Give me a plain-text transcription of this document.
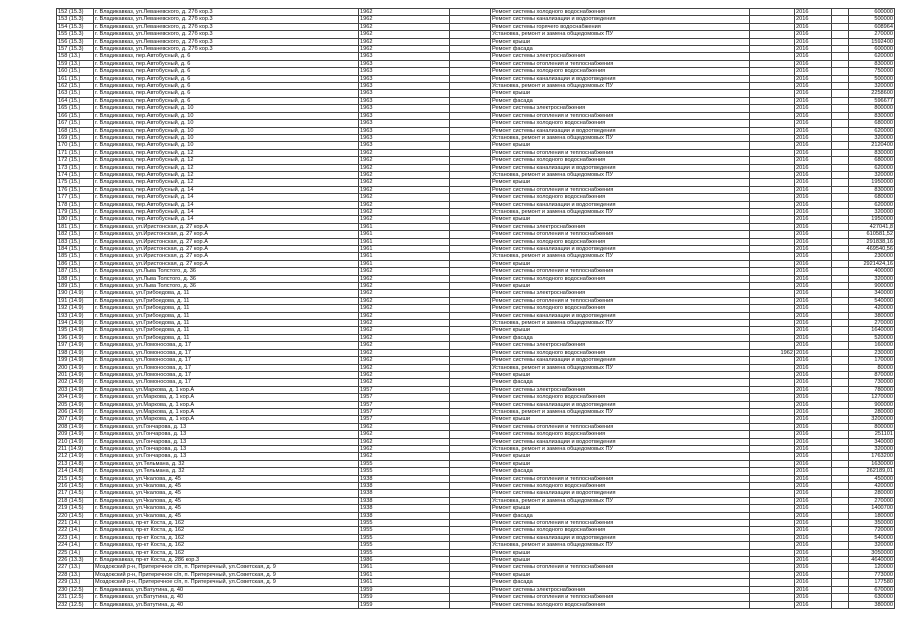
152 (15.3)	г. Владикавказ, ул.Леваневского, д. 27б кор.3	1962		Ремонт системы холодного водоснабжения		2016		600000
153 (15.3)	г. Владикавказ, ул.Леваневского, д. 27б кор.3	1962		Ремонт системы канализации и водоотведения		2016		500000
154 (15.3)	г. Владикавказ, ул.Леваневского, д. 27б кор.3	1962		Ремонт системы горячего водоснабжения		2016		608964
155 (15.3)	г. Владикавказ, ул.Леваневского, д. 27б кор.3	1962		Установка, ремонт и замена общедомовых ПУ		2016		270000
156 (15.3)	г. Владикавказ, ул.Леваневского, д. 27б кор.3	1962		Ремонт крыши		2016		1592400
157 (15.3)	г. Владикавказ, ул.Леваневского, д. 27б кор.3	1962		Ремонт фасада		2016		600000
158 (13.)	г. Владикавказ, пер.Автобусный, д. 6	1963		Ремонт системы электроснабжения		2016		620000
159 (13.)	г. Владикавказ, пер.Автобусный, д. 6	1963		Ремонт системы отопления и теплоснабжения		2016		830000
160 (15.)	г. Владикавказ, пер.Автобусный, д. 6	1963		Ремонт системы холодного водоснабжения		2016		750000
161 (15.)	г. Владикавказ, пер.Автобусный, д. 6	1963		Ремонт системы канализации и водоотведения		2016		500000
162 (15.)	г. Владикавказ, пер.Автобусный, д. 6	1963		Установка, ремонт и замена общедомовых ПУ		2016		320000
163 (15.)	г. Владикавказ, пер.Автобусный, д. 6	1963		Ремонт крыши		2016		2258600
164 (15.)	г. Владикавказ, пер.Автобусный, д. 6	1963		Ремонт фасада		2016		596677
165 (15.)	г. Владикавказ, пер.Автобусный, д. 10	1963		Ремонт системы электроснабжения		2016		800000
166 (15.)	г. Владикавказ, пер.Автобусный, д. 10	1963		Ремонт системы отопления и теплоснабжения		2016		830000
167 (15.)	г. Владикавказ, пер.Автобусный, д. 10	1963		Ремонт системы холодного водоснабжения		2016		680000
168 (15.)	г. Владикавказ, пер.Автобусный, д. 10	1963		Ремонт системы канализации и водоотведения		2016		620000
169 (15.)	г. Владикавказ, пер.Автобусный, д. 10	1963		Установка, ремонт и замена общедомовых ПУ		2016		320000
170 (15.)	г. Владикавказ, пер.Автобусный, д. 10	1963		Ремонт крыши		2016		2120400
171 (15.)	г. Владикавказ, пер.Автобусный, д. 12	1962		Ремонт системы отопления и теплоснабжения		2016		830000
172 (15.)	г. Владикавказ, пер.Автобусный, д. 12	1962		Ремонт системы холодного водоснабжения		2016		680000
173 (15.)	г. Владикавказ, пер.Автобусный, д. 12	1962		Ремонт системы канализации и водоотведения		2016		620000
174 (15.)	г. Владикавказ, пер.Автобусный, д. 12	1962		Установка, ремонт и замена общедомовых ПУ		2016		320000
175 (15.)	г. Владикавказ, пер.Автобусный, д. 12	1962		Ремонт крыши		2016		1950000
176 (15.)	г. Владикавказ, пер.Автобусный, д. 14	1962		Ремонт системы отопления и теплоснабжения		2016		830000
177 (15.)	г. Владикавказ, пер.Автобусный, д. 14	1962		Ремонт системы холодного водоснабжения		2016		680000
178 (15.)	г. Владикавказ, пер.Автобусный, д. 14	1962		Ремонт системы канализации и водоотведения		2016		620000
179 (15.)	г. Владикавказ, пер.Автобусный, д. 14	1962		Установка, ремонт и замена общедомовых ПУ		2016		320000
180 (15.)	г. Владикавказ, пер.Автобусный, д. 14	1962		Ремонт крыши		2016		1950000
181 (15.)	г. Владикавказ, ул.Иристонская, д. 27 кор.А	1961		Ремонт системы электроснабжения		2016		427041,8
182 (15.)	г. Владикавказ, ул.Иристонская, д. 27 кор.А	1961		Ремонт системы отопления и теплоснабжения		2016		610581,52
183 (15.)	г. Владикавказ, ул.Иристонская, д. 27 кор.А	1961		Ремонт системы холодного водоснабжения		2016		291838,16
184 (15.)	г. Владикавказ, ул.Иристонская, д. 27 кор.А	1961		Ремонт системы канализации и водоотведения		2016		469540,56
185 (15.)	г. Владикавказ, ул.Иристонская, д. 27 кор.А	1961		Установка, ремонт и замена общедомовых ПУ		2016		230000
186 (15.)	г. Владикавказ, ул.Иристонская, д. 27 кор.А	1961		Ремонт крыши		2016		2921424,16
187 (15.)	г. Владикавказ, ул.Льва Толстого, д. 36	1962		Ремонт системы отопления и теплоснабжения		2016		400000
188 (15.)	г. Владикавказ, ул.Льва Толстого, д. 36	1962		Ремонт системы холодного водоснабжения		2016		320000
189 (15.)	г. Владикавказ, ул.Льва Толстого, д. 36	1962		Ремонт крыши		2016		900000
190 (14.9)	г. Владикавказ, ул.Грибоедова, д. 11	1962		Ремонт системы электроснабжения		2016		340000
191 (14.9)	г. Владикавказ, ул.Грибоедова, д. 11	1962		Ремонт системы отопления и теплоснабжения		2016		540000
192 (14.9)	г. Владикавказ, ул.Грибоедова, д. 11	1962		Ремонт системы холодного водоснабжения		2016		420000
193 (14.9)	г. Владикавказ, ул.Грибоедова, д. 11	1962		Ремонт системы канализации и водоотведения		2016		380000
194 (14.9)	г. Владикавказ, ул.Грибоедова, д. 11	1962		Установка, ремонт и замена общедомовых ПУ		2016		270000
195 (14.9)	г. Владикавказ, ул.Грибоедова, д. 11	1962		Ремонт крыши		2016		1640000
196 (14.9)	г. Владикавказ, ул.Грибоедова, д. 11	1962		Ремонт фасада		2016		520000
197 (14.9)	г. Владикавказ, ул.Ломоносова, д. 17	1962		Ремонт системы электроснабжения		2016		160000
198 (14.9)	г. Владикавказ, ул.Ломоносова, д. 17	1962		Ремонт системы холодного водоснабжения	1962	2016		230000
199 (14.9)	г. Владикавказ, ул.Ломоносова, д. 17	1962		Ремонт системы канализации и водоотведения		2016		170000
200 (14.9)	г. Владикавказ, ул.Ломоносова, д. 17	1962		Установка, ремонт и замена общедомовых ПУ		2016		80000
201 (14.9)	г. Владикавказ, ул.Ломоносова, д. 17	1962		Ремонт крыши		2016		870000
202 (14.9)	г. Владикавказ, ул.Ломоносова, д. 17	1962		Ремонт фасада		2016		730000
203 (14.9)	г. Владикавказ, ул.Маркова, д. 1 кор.А	1957		Ремонт системы электроснабжения		2016		780000
204 (14.9)	г. Владикавказ, ул.Маркова, д. 1 кор.А	1957		Ремонт системы холодного водоснабжения		2016		1270000
205 (14.9)	г. Владикавказ, ул.Маркова, д. 1 кор.А	1957		Ремонт системы канализации и водоотведения		2016		900000
206 (14.9)	г. Владикавказ, ул.Маркова, д. 1 кор.А	1957		Установка, ремонт и замена общедомовых ПУ		2016		280000
207 (14.9)	г. Владикавказ, ул.Маркова, д. 1 кор.А	1957		Ремонт крыши		2016		3200000
208 (14.9)	г. Владикавказ, ул.Гончарова, д. 13	1962		Ремонт системы отопления и теплоснабжения		2016		800000
209 (14.9)	г. Владикавказ, ул.Гончарова, д. 13	1962		Ремонт системы холодного водоснабжения		2016		251101
210 (14.9)	г. Владикавказ, ул.Гончарова, д. 13	1962		Ремонт системы канализации и водоотведения		2016		340000
211 (14.9)	г. Владикавказ, ул.Гончарова, д. 13	1962		Установка, ремонт и замена общедомовых ПУ		2016		320000
212 (14.9)	г. Владикавказ, ул.Гончарова, д. 13	1962		Ремонт крыши		2016		1763200
213 (14.8)	г. Владикавказ, ул.Тельмана, д. 32	1955		Ремонт крыши		2016		1630000
214 (14.8)	г. Владикавказ, ул.Тельмана, д. 32	1955		Ремонт фасада		2016		262189,01
215 (14.5)	г. Владикавказ, ул.Чкалова, д. 45	1938		Ремонт системы отопления и теплоснабжения		2016		450000
216 (14.5)	г. Владикавказ, ул.Чкалова, д. 45	1938		Ремонт системы холодного водоснабжения		2016		420000
217 (14.5)	г. Владикавказ, ул.Чкалова, д. 45	1938		Ремонт системы канализации и водоотведения		2016		280000
218 (14.5)	г. Владикавказ, ул.Чкалова, д. 45	1938		Установка, ремонт и замена общедомовых ПУ		2016		270000
219 (14.5)	г. Владикавказ, ул.Чкалова, д. 45	1938		Ремонт крыши		2016		1400700
220 (14.5)	г. Владикавказ, ул.Чкалова, д. 45	1938		Ремонт фасада		2016		180000
221 (14.)	г. Владикавказ, пр-кт Коста, д. 162	1955		Ремонт системы отопления и теплоснабжения		2016		350000
222 (14.)	г. Владикавказ, пр-кт Коста, д. 162	1955		Ремонт системы холодного водоснабжения		2016		720000
223 (14.)	г. Владикавказ, пр-кт Коста, д. 162	1955		Ремонт системы канализации и водоотведения		2016		540000
224 (14.)	г. Владикавказ, пр-кт Коста, д. 162	1955		Установка, ремонт и замена общедомовых ПУ		2016		320000
225 (14.)	г. Владикавказ, пр-кт Коста, д. 162	1955		Ремонт крыши		2016		3050000
226 (13.3)	г. Владикавказ, пр-кт Коста, д. 286 кор.3	1986		Ремонт крыши		2016		4640000
227 (13.)	Моздокский р-н, Притеречное с/п, п. Притеречный, ул.Советская, д. 9	1961		Ремонт системы отопления и теплоснабжения		2016		120000
228 (13.)	Моздокский р-н, Притеречное с/п, п. Притеречный, ул.Советская, д. 9	1961		Ремонт крыши		2016		773000
229 (13.)	Моздокский р-н, Притеречное с/п, п. Притеречный, ул.Советская, д. 9	1961		Ремонт фасада		2016		177580
230 (12.5)	г. Владикавказ, ул.Ватутина, д. 40	1959		Ремонт системы электроснабжения		2016		670000
231 (12.5)	г. Владикавказ, ул.Ватутина, д. 40	1959		Ремонт системы отопления и теплоснабжения		2016		630000
232 (12.5)	г. Владикавказ, ул.Ватутина, д. 40	1959		Ремонт системы холодного водоснабжения		2016		380000
